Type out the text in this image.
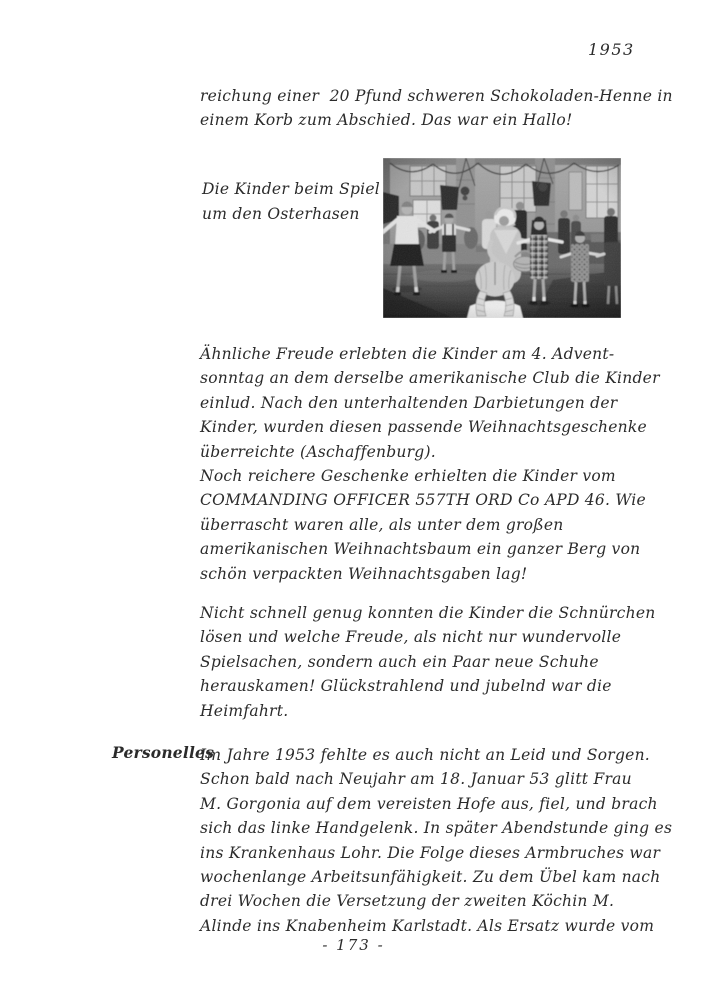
1953
reichung einer  20 Pfund schweren Schokoladen-Henne in
einem Korb zum Abschied. Das war ein Hallo!
Die Kinder beim Spiel
um den Osterhasen
Ähnliche Freude erlebten die Kinder am 4. Advent-
sonntag an dem derselbe amerikanische Club die Kinder
einlud. Nach den unterhaltenden Darbietungen der
Kinder, wurden diesen passende Weihnachtsgeschenke
überreichte (Aschaffenburg).
Noch reichere Geschenke erhielten die Kinder vom
COMMANDING OFFICER 557TH ORD Co APD 46. Wie
überrascht waren alle, als unter dem großen
amerikanischen Weihnachtsbaum ein ganzer Berg von
schön verpackten Weihnachtsgaben lag!
Nicht schnell genug konnten die Kinder die Schnürchen
lösen und welche Freude, als nicht nur wundervolle
Spielsachen, sondern auch ein Paar neue Schuhe
herauskamen! Glückstrahlend und jubelnd war die
Heimfahrt.
Personelles
Im Jahre 1953 fehlte es auch nicht an Leid und Sorgen.
Schon bald nach Neujahr am 18. Januar 53 glitt Frau
M. Gorgonia auf dem vereisten Hofe aus, fiel, und brach
sich das linke Handgelenk. In später Abendstunde ging es
ins Krankenhaus Lohr. Die Folge dieses Armbruches war
wochenlange Arbeitsunfähigkeit. Zu dem Übel kam nach
drei Wochen die Versetzung der zweiten Köchin M.
Alinde ins Knabenheim Karlstadt. Als Ersatz wurde vom
- 173 -
